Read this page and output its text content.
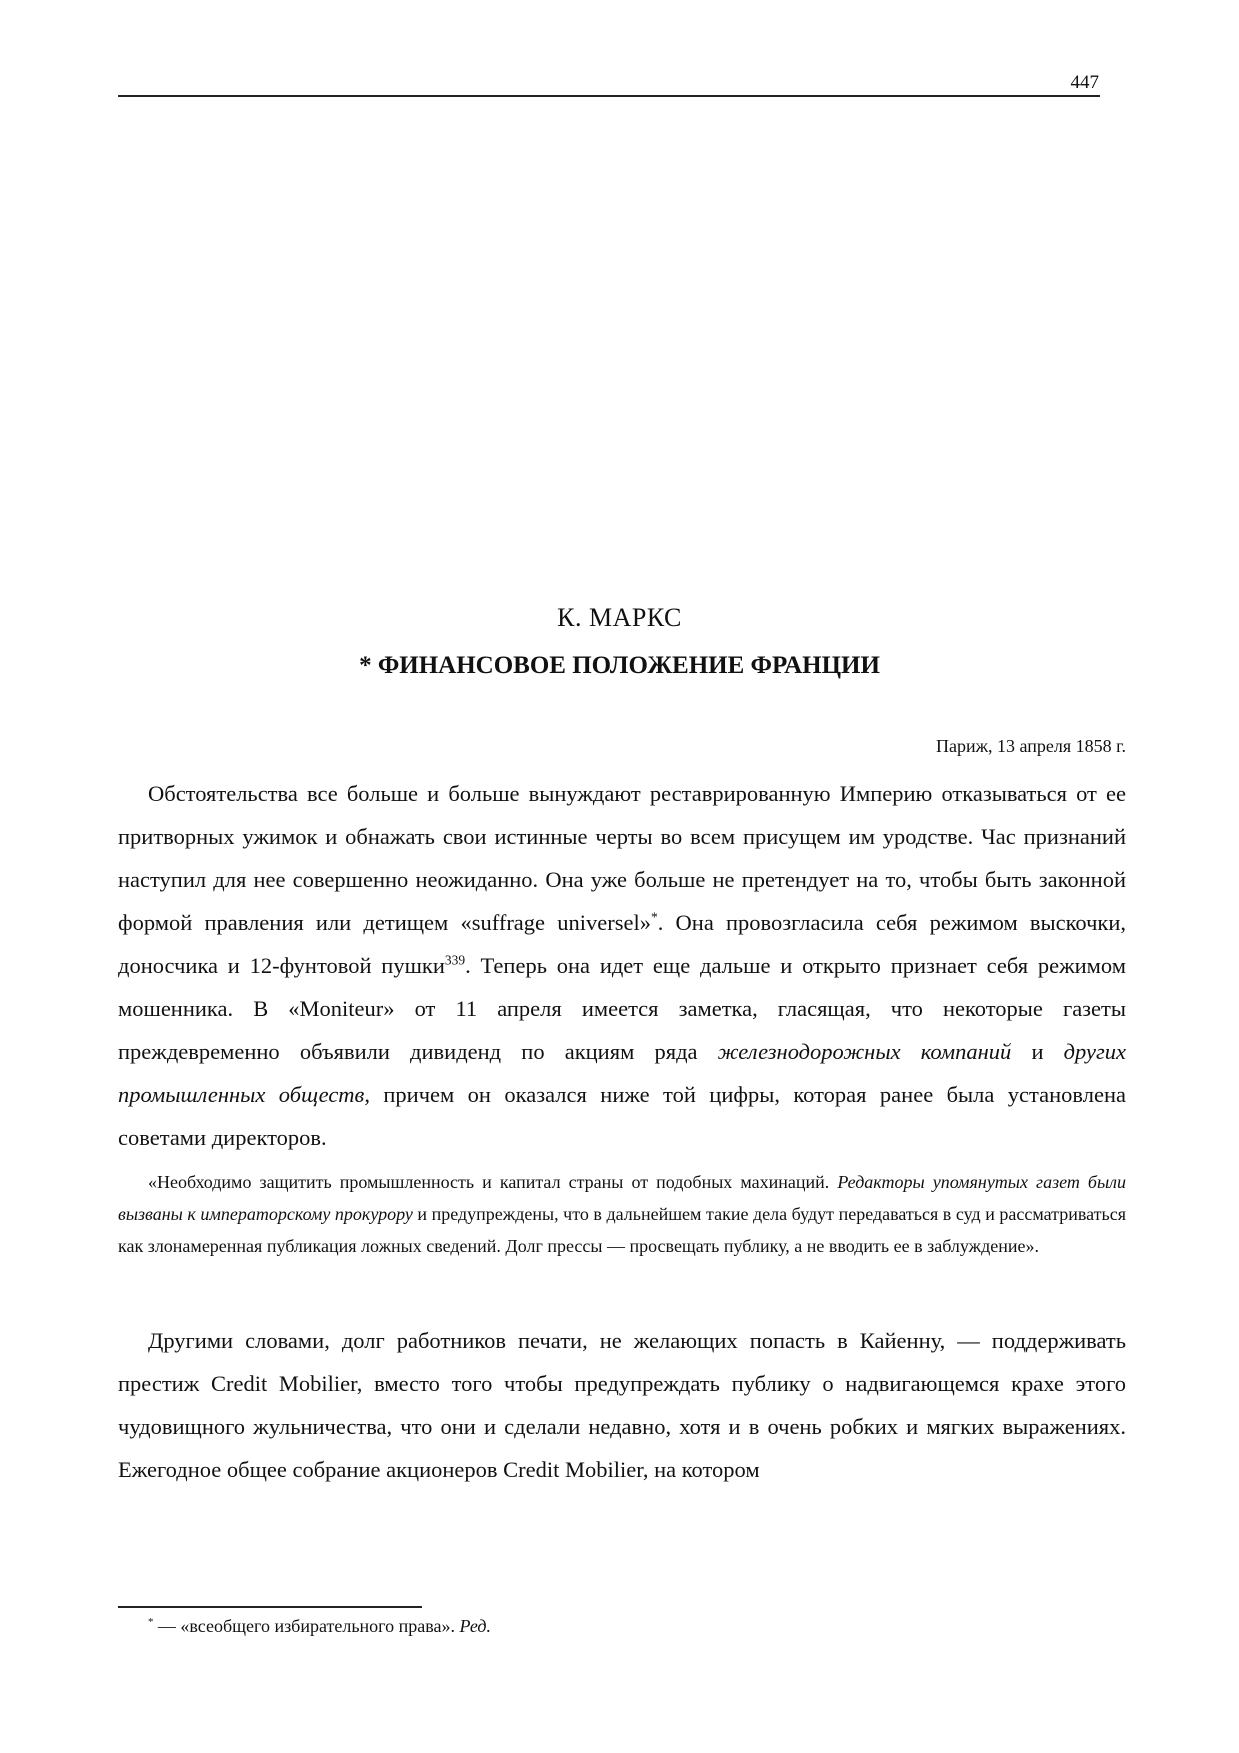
447
К. МАРКС
* ФИНАНСОВОЕ ПОЛОЖЕНИЕ ФРАНЦИИ
Париж, 13 апреля 1858 г.

Обстоятельства все больше и больше вынуждают реставрированную Империю отказываться от ее притворных ужимок и обнажать свои истинные черты во всем присущем им уродстве. Час признаний наступил для нее совершенно неожиданно. Она уже больше не претендует на то, чтобы быть законной формой правления или детищем «suffrage universel»*. Она провозгласила себя режимом выскочки, доносчика и 12-фунтовой пушки$^{339}$. Теперь она идет еще дальше и открыто признает себя режимом мошенника. В «Moniteur» от 11 апреля имеется заметка, гласящая, что некоторые газеты преждевременно объявили дивиденд по акциям ряда железнодорожных компаний и других промышленных обществ, причем он оказался ниже той цифры, которая ранее была установлена советами директоров.

«Необходимо защитить промышленность и капитал страны от подобных махинаций. Редакторы упомянутых газет были вызваны к императорскому прокурору и предупреждены, что в дальнейшем такие дела будут передаваться в суд и рассматриваться как злонамеренная публикация ложных сведений. Долг прессы — просвещать публику, а не вводить ее в заблуждение».

Другими словами, долг работников печати, не желающих попасть в Кайенну, — поддерживать престиж Credit Mobilier, вместо того чтобы предупреждать публику о надвигающемся крахе этого чудовищного жульничества, что они и сделали недавно, хотя и в очень робких и мягких выражениях. Ежегодное общее собрание акционеров Credit Mobilier, на котором

* — «всеобщего избирательного права». Ред.
